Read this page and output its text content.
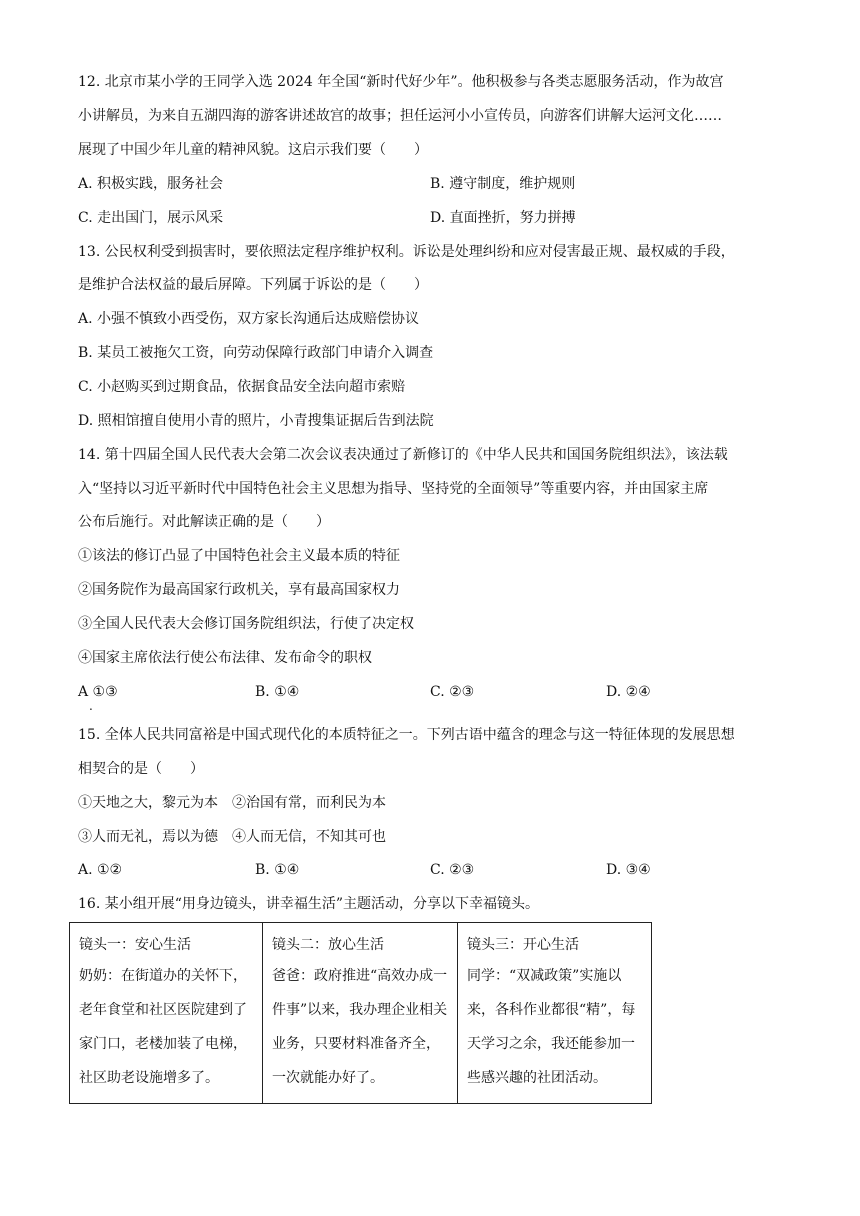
12. 北京市某小学的王同学入选 2024 年全国“新时代好少年”。他积极参与各类志愿服务活动，作为故宫
小讲解员，为来自五湖四海的游客讲述故宫的故事；担任运河小小宣传员，向游客们讲解大运河文化……
展现了中国少年儿童的精神风貌。这启示我们要（　　）
A. 积极实践，服务社会	B. 遵守制度，维护规则
C. 走出国门，展示风采	D. 直面挫折，努力拼搏
13. 公民权利受到损害时，要依照法定程序维护权利。诉讼是处理纠纷和应对侵害最正规、最权威的手段，
是维护合法权益的最后屏障。下列属于诉讼的是（　　）
A. 小强不慎致小西受伤，双方家长沟通后达成赔偿协议
B. 某员工被拖欠工资，向劳动保障行政部门申请介入调查
C. 小赵购买到过期食品，依据食品安全法向超市索赔
D. 照相馆擅自使用小青的照片，小青搜集证据后告到法院
14. 第十四届全国人民代表大会第二次会议表决通过了新修订的《中华人民共和国国务院组织法》，该法载
入“坚持以习近平新时代中国特色社会主义思想为指导、坚持党的全面领导”等重要内容，并由国家主席
公布后施行。对此解读正确的是（　　）
①该法的修订凸显了中国特色社会主义最本质的特征
②国务院作为最高国家行政机关，享有最高国家权力
③全国人民代表大会修订国务院组织法，行使了决定权
④国家主席依法行使公布法律、发布命令的职权
A ①③
.
B. ①④	C. ②③	D. ②④
15. 全体人民共同富裕是中国式现代化的本质特征之一。下列古语中蕴含的理念与这一特征体现的发展思想
相契合的是（　　）
①天地之大，黎元为本　②治国有常，而利民为本
③人而无礼，焉以为德　④人而无信，不知其可也
A. ①②	B. ①④	C. ②③	D. ③④
16. 某小组开展“用身边镜头，讲幸福生活”主题活动，分享以下幸福镜头。
镜头一：安心生活
奶奶：在街道办的关怀下，老年食堂和社区医院建到了家门口，老楼加装了电梯，社区助老设施增多了。

镜头二：放心生活
爸爸：政府推进“高效办成一件事”以来，我办理企业相关业务，只要材料准备齐全，一次就能办好了。

镜头三：开心生活
同学：“双减政策”实施以来，各科作业都很“精”，每天学习之余，我还能参加一些感兴趣的社团活动。
